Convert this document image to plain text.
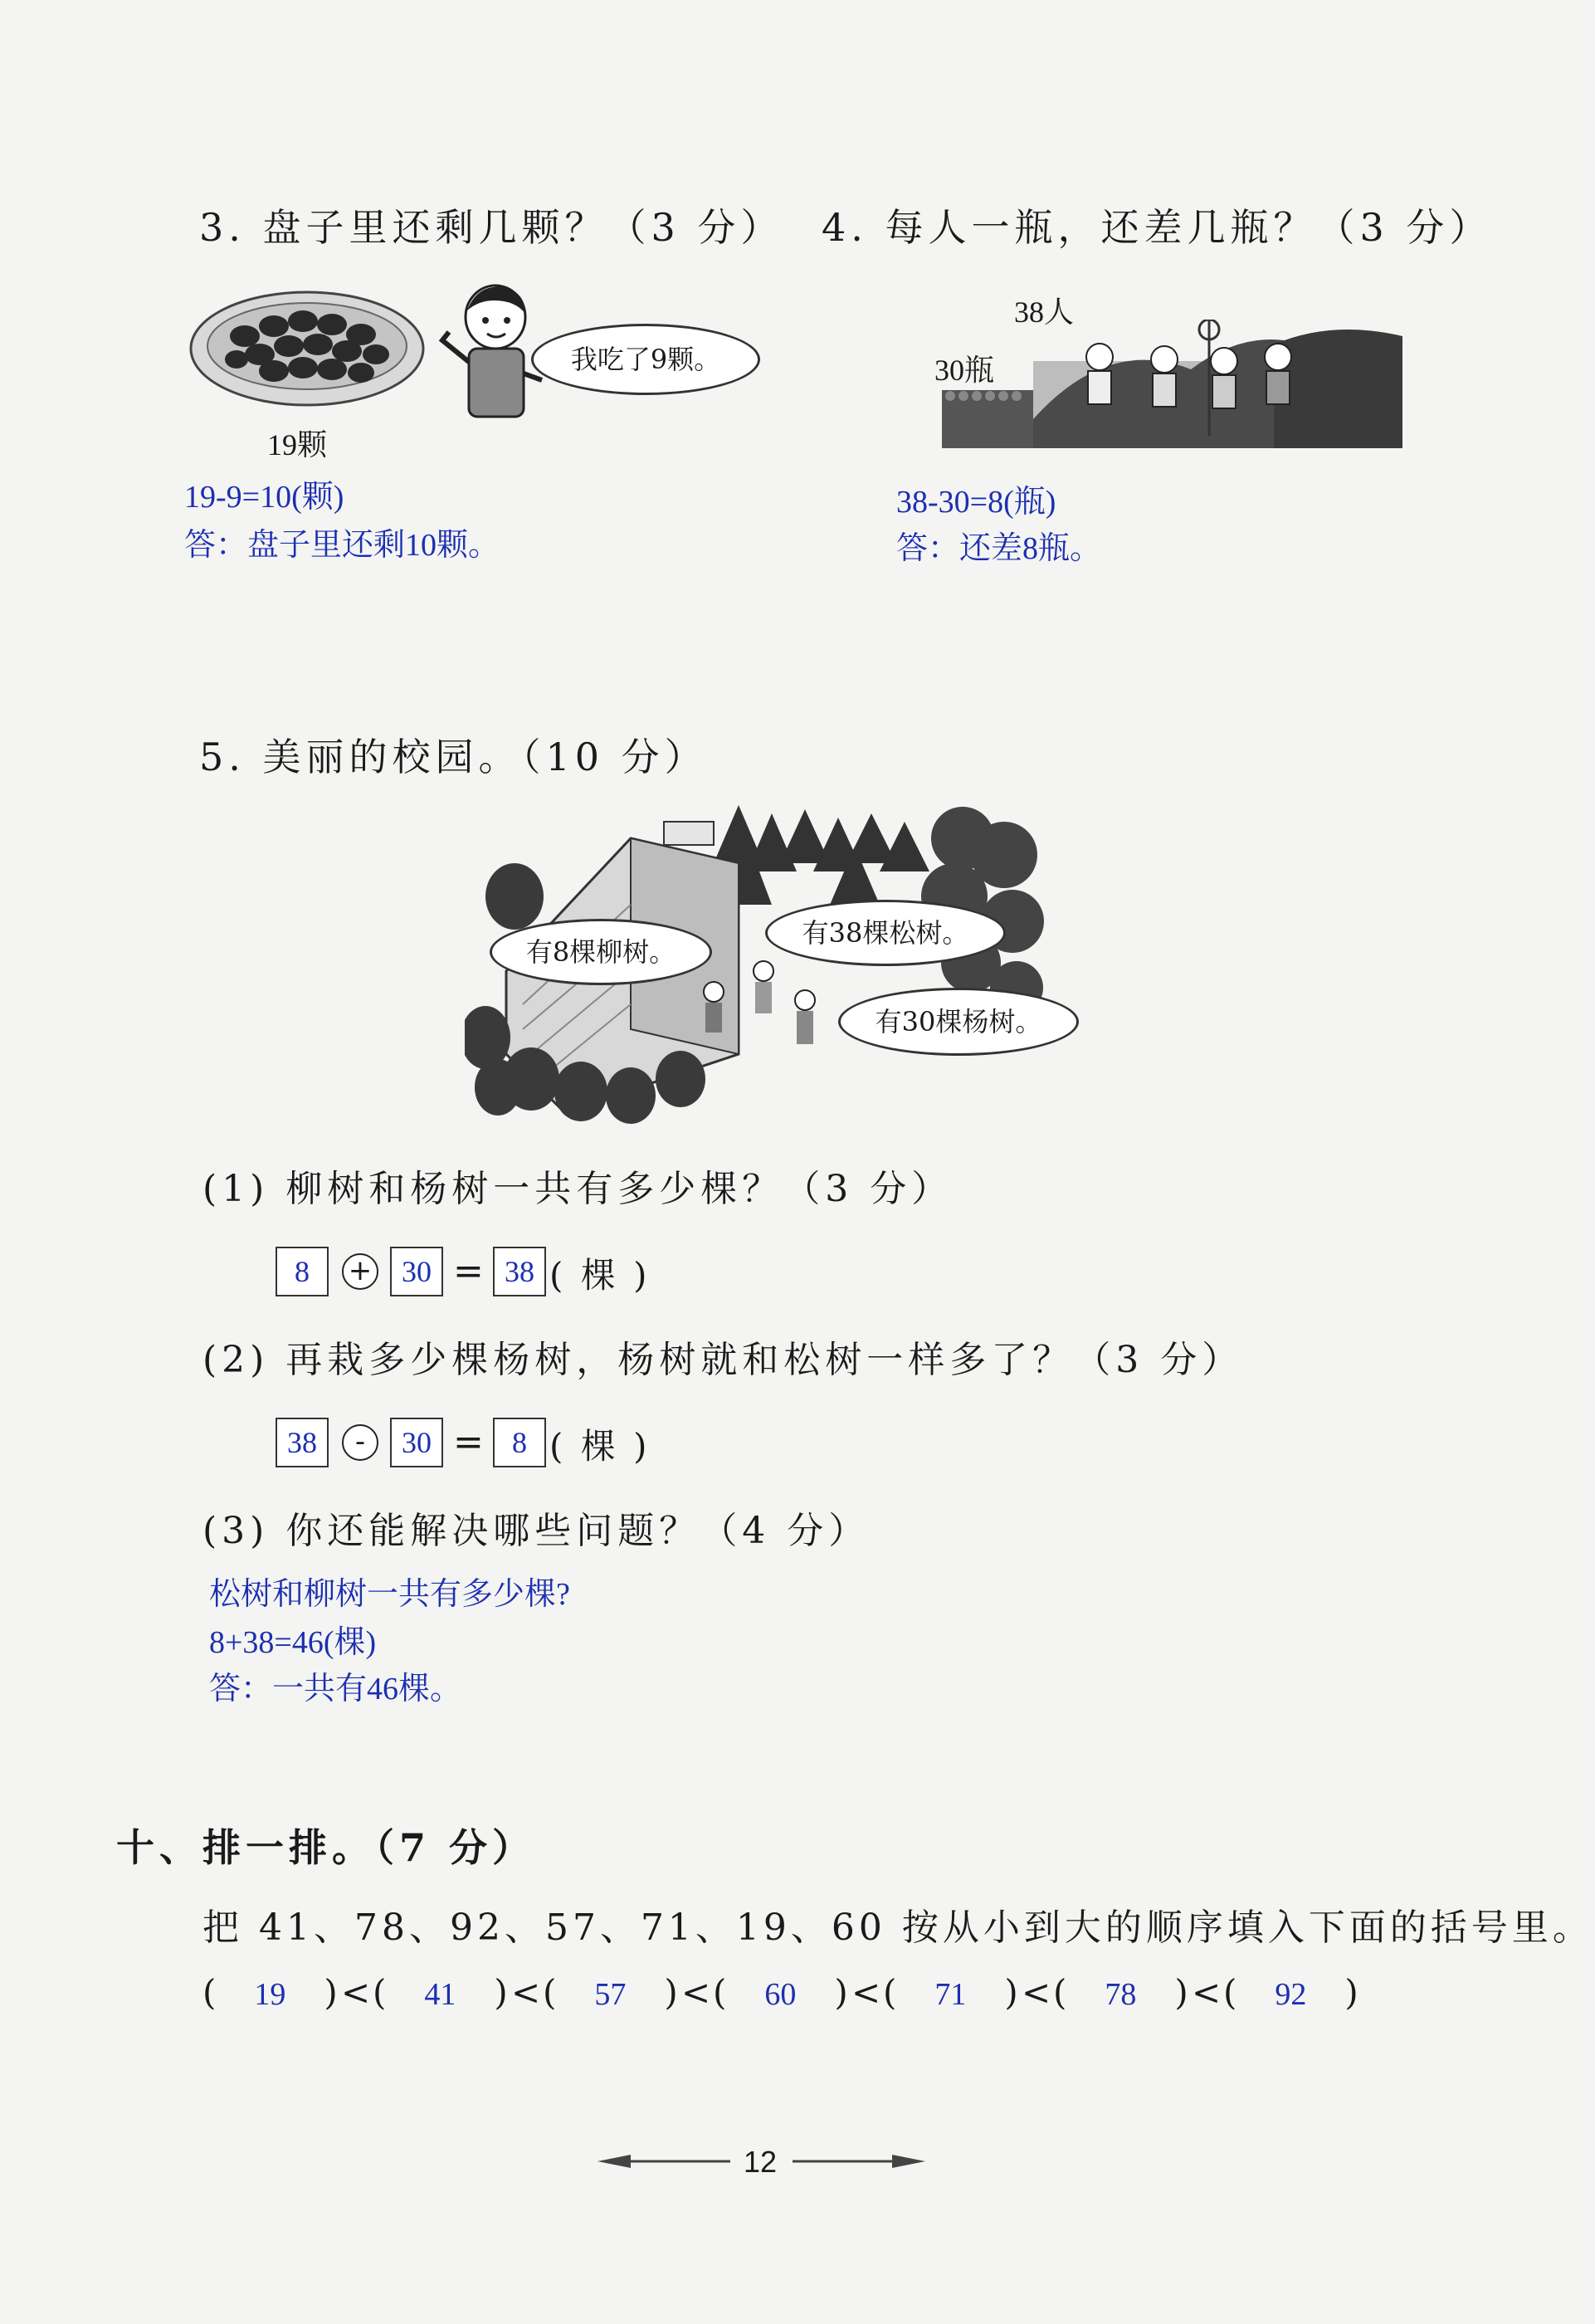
3. 盘子里还剩几颗？（3 分）
19颗
我吃了9颗。
19-9=10(颗)
答：盘子里还剩10颗。
4. 每人一瓶，还差几瓶？（3 分）
38人
30瓶
38-30=8(瓶)
答：还差8瓶。
5. 美丽的校园。（10 分）
有8棵柳树。
有38棵松树。
有30棵杨树。
(1) 柳树和杨树一共有多少棵？（3 分）
8	+ 30 = 38 ( 棵 )
(2) 再栽多少棵杨树，杨树就和松树一样多了？（3 分）
38	-	30 = 8 ( 棵 )
(3) 你还能解决哪些问题？（4 分）
松树和柳树一共有多少棵?
8+38=46(棵)
答：一共有46棵。
十、排一排。（7 分）
把 41、78、92、57、71、19、60 按从小到大的顺序填入下面的括号里。
( 19 ) < ( 41 ) < ( 57 ) < ( 60 ) < ( 71 ) < ( 78 ) < ( 92 )
12
